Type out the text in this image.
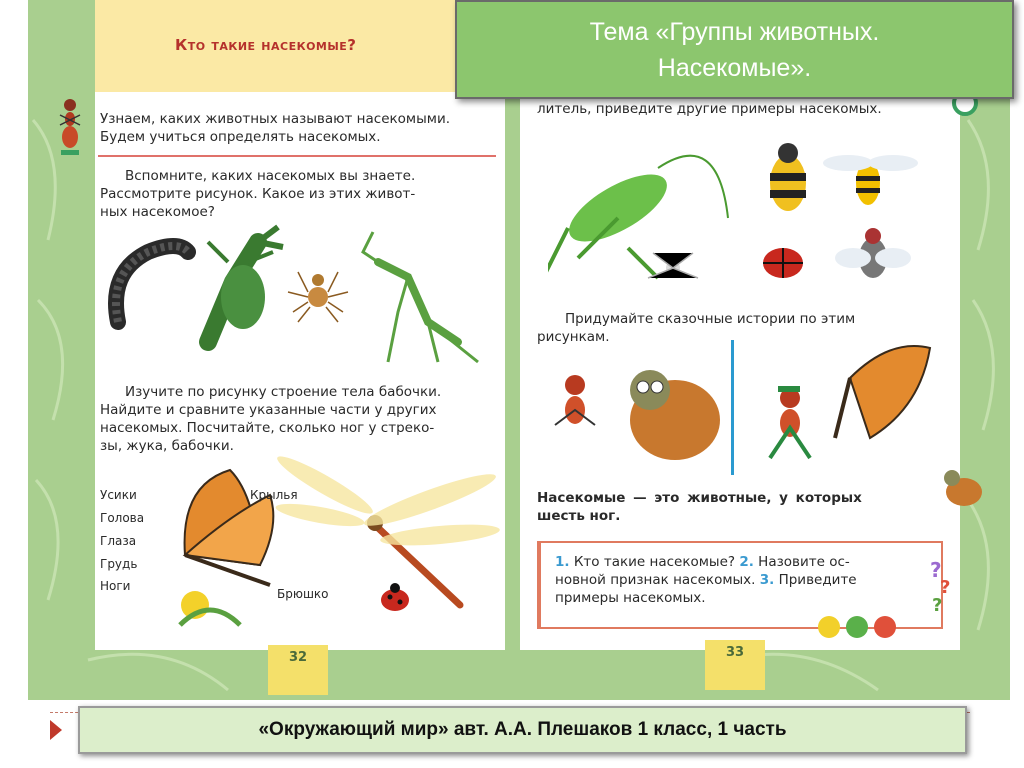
Кто такие насекомые?
Узнаем, каких животных называют насекомыми.
Будем учиться определять насекомых.
Вспомните, каких насекомых вы знаете.
Рассмотрите рисунок. Какое из этих живот-
ных насекомое?
Изучите по рисунку строение тела бабочки.
Найдите и сравните указанные части у других
насекомых. Посчитайте, сколько ног у стреко-
зы, жука, бабочки.
Усики
Голова
Глаза
Грудь
Ноги
Крылья
Брюшко
32
литель, приведите другие примеры насекомых.
Придумайте сказочные истории по этим
рисункам.
Насекомые — это животные, у которых
шесть ног.
1. Кто такие насекомые? 2. Назовите ос-
новной признак насекомых. 3. Приведите
примеры насекомых.
?
?
?
33
Тема «Группы животных.
Насекомые».
«Окружающий мир» авт. А.А. Плешаков 1 класс, 1 часть
